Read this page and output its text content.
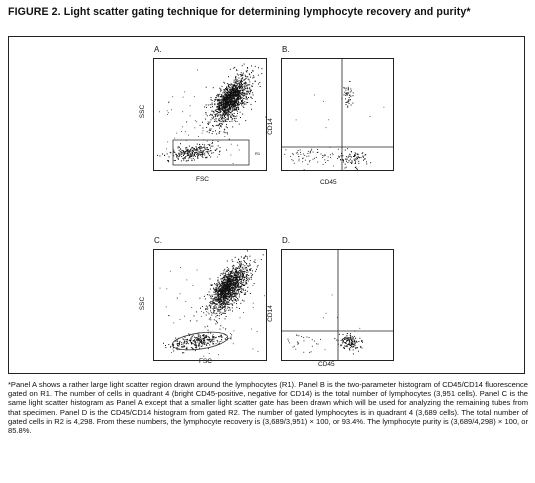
FIGURE 2. Light scatter gating technique for determining lymphocyte recovery and purity*
A.
SSC
FSC
R1
B.
CD14
CD45
C.
SSC
FSC
D.
CD14
CD45
*Panel A shows a rather large light scatter region drawn around the lymphocytes (R1). Panel B is the two-parameter histogram of CD45/CD14 fluorescence gated on R1. The number of cells in quadrant 4 (bright CD45-positive, negative for CD14) is the total number of lymphocytes (3,951 cells). Panel C is the same light scatter histogram as Panel A except that a smaller light scatter gate has been drawn which will be used for analyzing the remaining tubes from that specimen. Panel D is the CD45/CD14 histogram from gated R2. The number of gated lymphocytes is in quadrant 4 (3,689 cells). The total number of gated cells in R2 is 4,298. From these numbers, the lymphocyte recovery is (3,689/3,951) × 100, or 93.4%. The lymphocyte purity is (3,689/4,298) × 100, or 85.8%.
